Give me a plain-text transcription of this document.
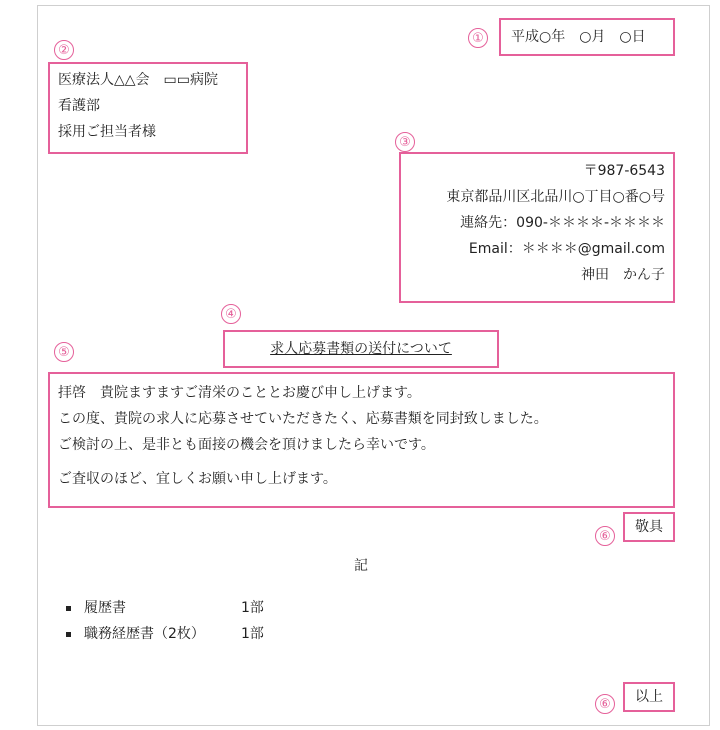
① 平成○年　○月　○日
②
医療法人△△会　▭▭病院
看護部
採用ご担当者様
③
〒987-6543
東京都品川区北品川○丁目○番○号
連絡先：090-＊＊＊＊-＊＊＊＊
Email：＊＊＊＊@gmail.com
神田　かん子
④
求人応募書類の送付について
⑤
拝啓　貴院ますますご清栄のこととお慶び申し上げます。
この度、貴院の求人に応募させていただきたく、応募書類を同封致しました。
ご検討の上、是非とも面接の機会を頂けましたら幸いです。
ご査収のほど、宜しくお願い申し上げます。
⑥
敬具
記
履歴書	1部
職務経歴書（2枚）	1部
⑥	以上
